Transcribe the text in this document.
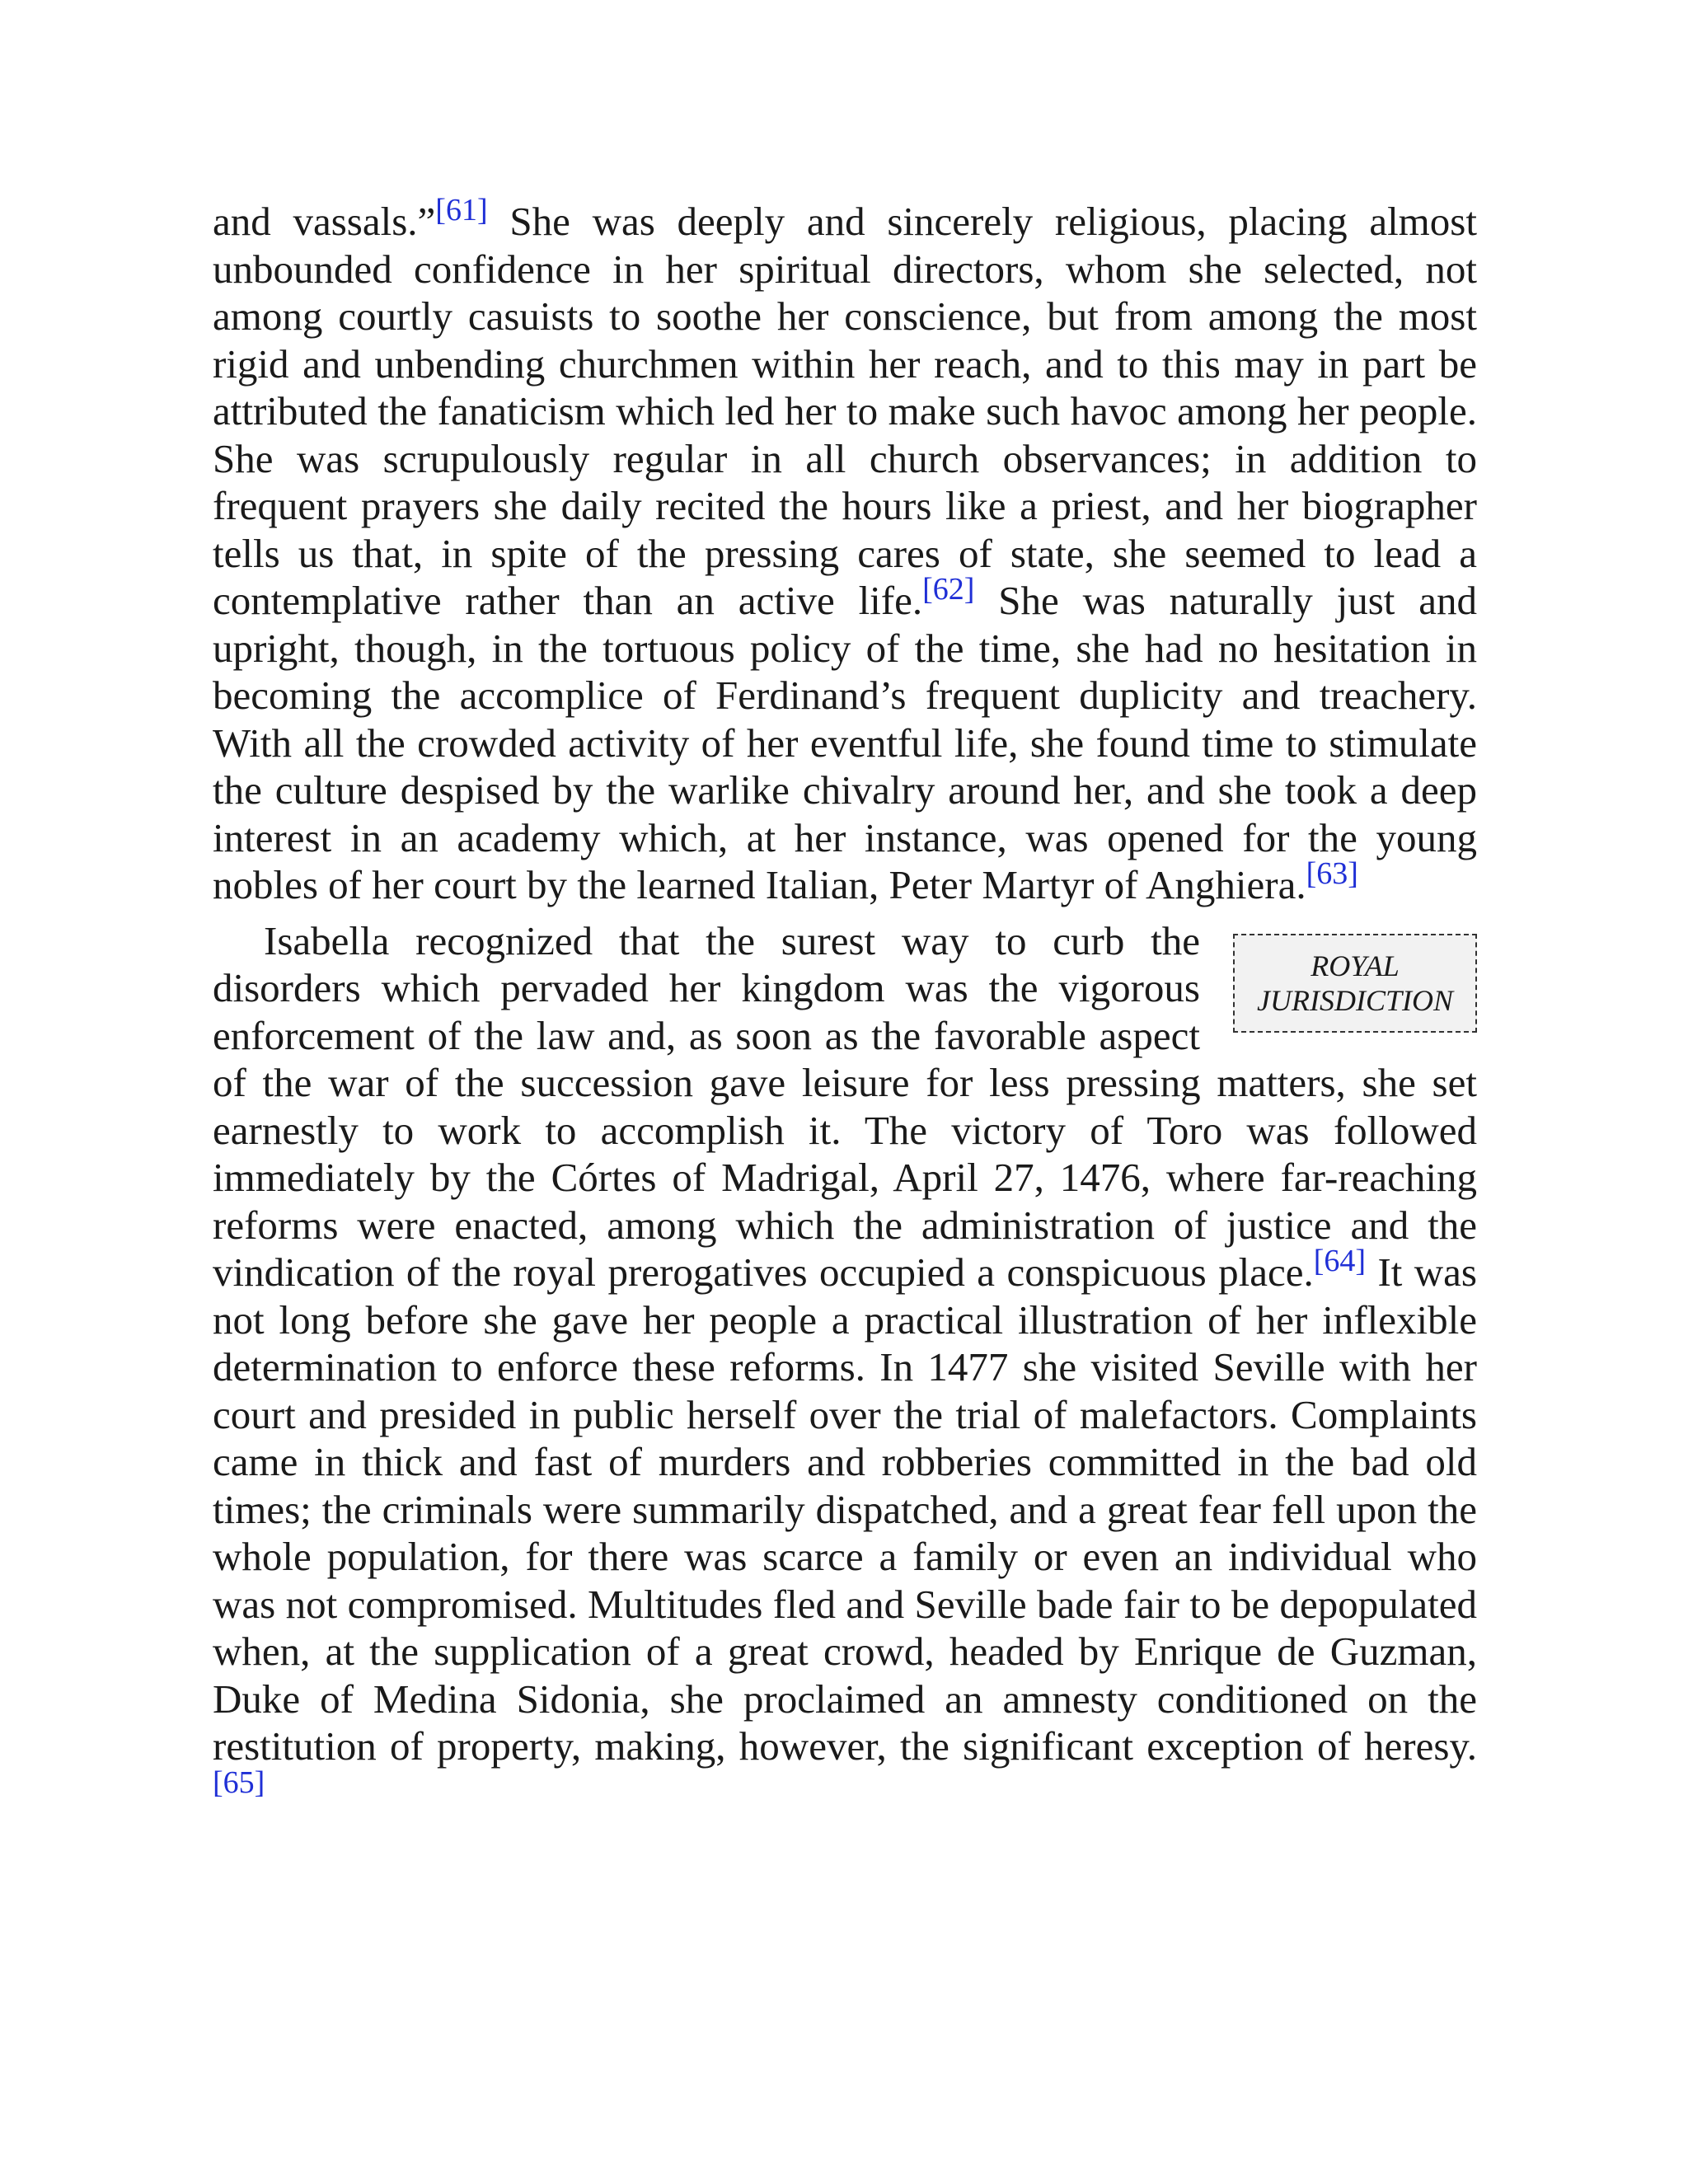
and vassals.”[61] She was deeply and sincerely religious, placing almost unbounded confidence in her spiritual directors, whom she selected, not among courtly casuists to soothe her conscience, but from among the most rigid and unbending churchmen within her reach, and to this may in part be attributed the fanaticism which led her to make such havoc among her people. She was scrupulously regular in all church observances; in addition to frequent prayers she daily recited the hours like a priest, and her biographer tells us that, in spite of the pressing cares of state, she seemed to lead a contemplative rather than an active life.[62] She was naturally just and upright, though, in the tortuous policy of the time, she had no hesitation in becoming the accomplice of Ferdinand’s frequent duplicity and treachery. With all the crowded activity of her eventful life, she found time to stimulate the culture despised by the warlike chivalry around her, and she took a deep interest in an academy which, at her instance, was opened for the young nobles of her court by the learned Italian, Peter Martyr of Anghiera.[63]

ROYAL
JURISDICTION
Isabella recognized that the surest way to curb the disorders which pervaded her kingdom was the vigorous enforcement of the law and, as soon as the favorable aspect of the war of the succession gave leisure for less pressing matters, she set earnestly to work to accomplish it. The victory of Toro was followed immediately by the Córtes of Madrigal, April 27, 1476, where far-reaching reforms were enacted, among which the administration of justice and the vindication of the royal prerogatives occupied a conspicuous place.[64] It was not long before she gave her people a practical illustration of her inflexible determination to enforce these reforms. In 1477 she visited Seville with her court and presided in public herself over the trial of malefactors. Complaints came in thick and fast of murders and robberies committed in the bad old times; the criminals were summarily dispatched, and a great fear fell upon the whole population, for there was scarce a family or even an individual who was not compromised. Multitudes fled and Seville bade fair to be depopulated when, at the supplication of a great crowd, headed by Enrique de Guzman, Duke of Medina Sidonia, she proclaimed an amnesty conditioned on the restitution of property, making, however, the significant exception of heresy.[65]
